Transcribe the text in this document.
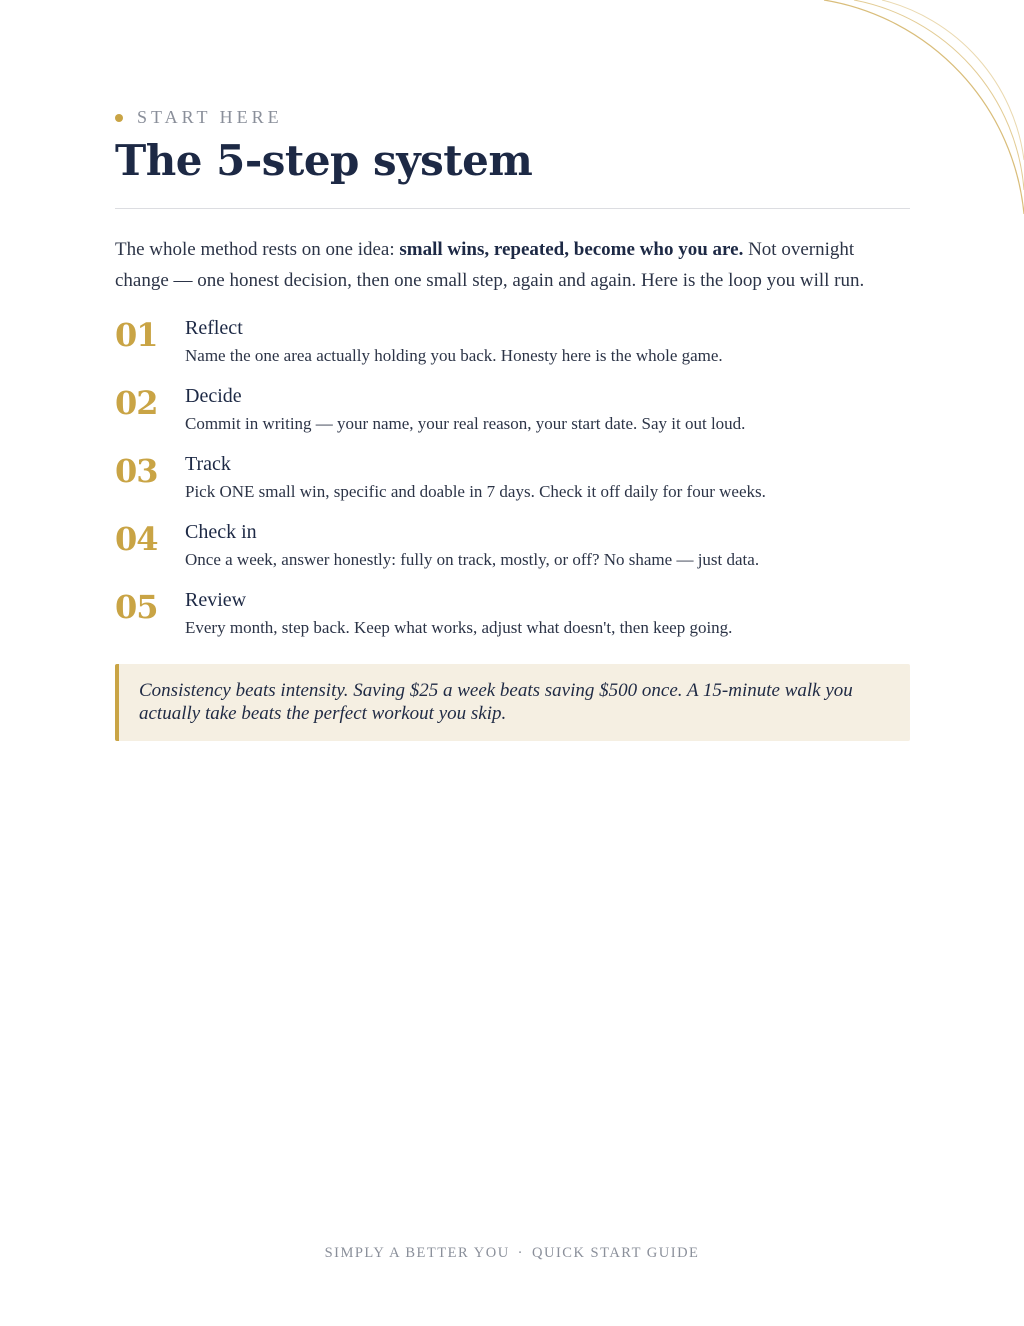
START HERE
The 5-step system

The whole method rests on one idea: small wins, repeated, become who you are. Not overnight change — one honest decision, then one small step, again and again. Here is the loop you will run.

01 Reflect
Name the one area actually holding you back. Honesty here is the whole game.
02 Decide
Commit in writing — your name, your real reason, your start date. Say it out loud.
03 Track
Pick ONE small win, specific and doable in 7 days. Check it off daily for four weeks.
04 Check in
Once a week, answer honestly: fully on track, mostly, or off? No shame — just data.
05 Review
Every month, step back. Keep what works, adjust what doesn't, then keep going.
Consistency beats intensity. Saving $25 a week beats saving $500 once. A 15-minute walk you actually take beats the perfect workout you skip.
SIMPLY A BETTER YOU · QUICK START GUIDE
